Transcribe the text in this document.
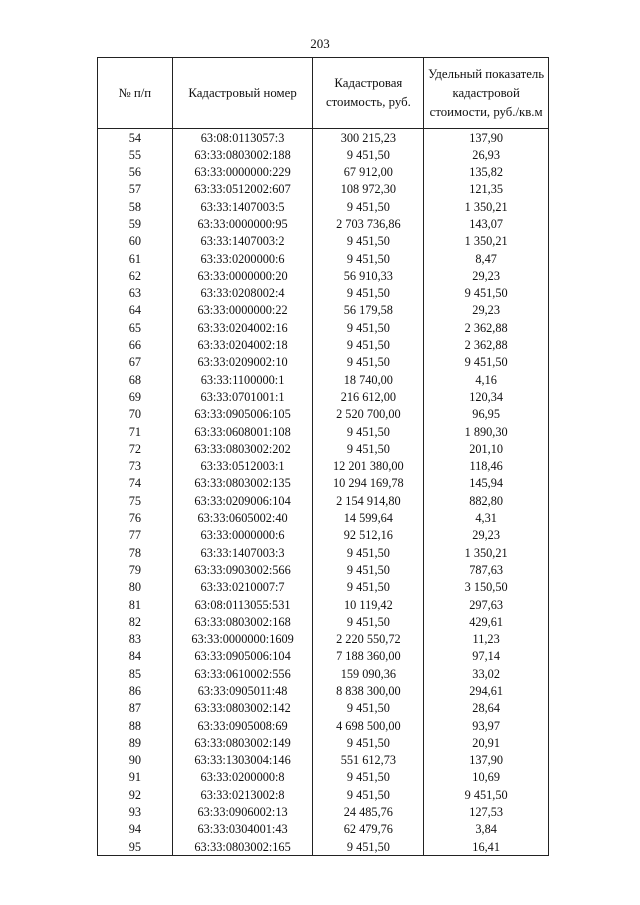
203
№ п/п	Кадастровый номер	Кадастровая стоимость, руб.	Удельный показатель кадастровой стоимости, руб./кв.м
54	63:08:0113057:3	300 215,23	137,90
55	63:33:0803002:188	9 451,50	26,93
56	63:33:0000000:229	67 912,00	135,82
57	63:33:0512002:607	108 972,30	121,35
58	63:33:1407003:5	9 451,50	1 350,21
59	63:33:0000000:95	2 703 736,86	143,07
60	63:33:1407003:2	9 451,50	1 350,21
61	63:33:0200000:6	9 451,50	8,47
62	63:33:0000000:20	56 910,33	29,23
63	63:33:0208002:4	9 451,50	9 451,50
64	63:33:0000000:22	56 179,58	29,23
65	63:33:0204002:16	9 451,50	2 362,88
66	63:33:0204002:18	9 451,50	2 362,88
67	63:33:0209002:10	9 451,50	9 451,50
68	63:33:1100000:1	18 740,00	4,16
69	63:33:0701001:1	216 612,00	120,34
70	63:33:0905006:105	2 520 700,00	96,95
71	63:33:0608001:108	9 451,50	1 890,30
72	63:33:0803002:202	9 451,50	201,10
73	63:33:0512003:1	12 201 380,00	118,46
74	63:33:0803002:135	10 294 169,78	145,94
75	63:33:0209006:104	2 154 914,80	882,80
76	63:33:0605002:40	14 599,64	4,31
77	63:33:0000000:6	92 512,16	29,23
78	63:33:1407003:3	9 451,50	1 350,21
79	63:33:0903002:566	9 451,50	787,63
80	63:33:0210007:7	9 451,50	3 150,50
81	63:08:0113055:531	10 119,42	297,63
82	63:33:0803002:168	9 451,50	429,61
83	63:33:0000000:1609	2 220 550,72	11,23
84	63:33:0905006:104	7 188 360,00	97,14
85	63:33:0610002:556	159 090,36	33,02
86	63:33:0905011:48	8 838 300,00	294,61
87	63:33:0803002:142	9 451,50	28,64
88	63:33:0905008:69	4 698 500,00	93,97
89	63:33:0803002:149	9 451,50	20,91
90	63:33:1303004:146	551 612,73	137,90
91	63:33:0200000:8	9 451,50	10,69
92	63:33:0213002:8	9 451,50	9 451,50
93	63:33:0906002:13	24 485,76	127,53
94	63:33:0304001:43	62 479,76	3,84
95	63:33:0803002:165	9 451,50	16,41
